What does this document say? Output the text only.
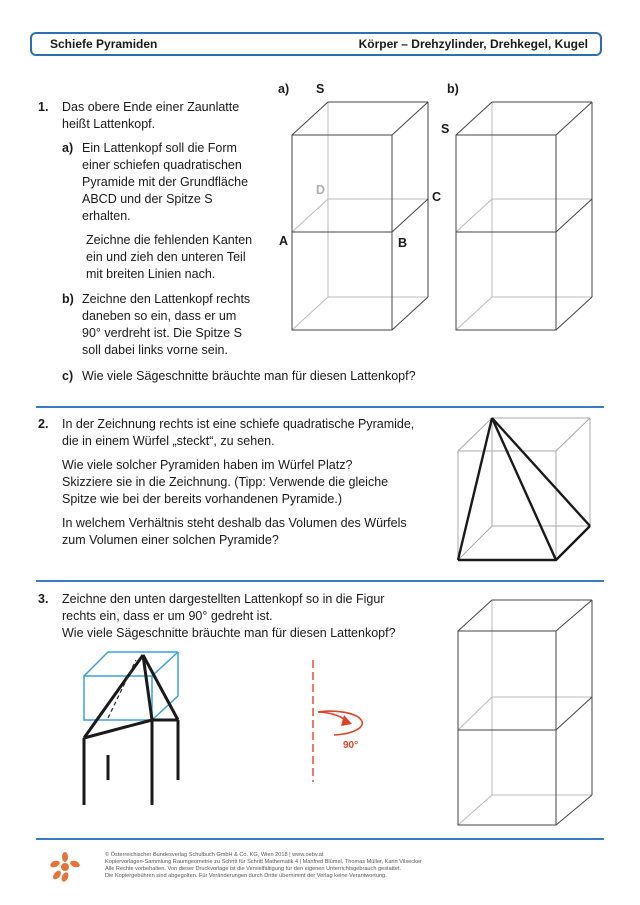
Schiefe Pyramiden	Körper – Drehzylinder, Drehkegel, Kugel
1. Das obere Ende einer Zaunlatte
heißt Lattenkopf.
a) Ein Lattenkopf soll die Form
einer schiefen quadratischen
Pyramide mit der Grundfläche
ABCD und der Spitze S
erhalten.
Zeichne die fehlenden Kanten
ein und zieh den unteren Teil
mit breiten Linien nach.
b) Zeichne den Lattenkopf rechts
daneben so ein, dass er um
90° verdreht ist. Die Spitze S
soll dabei links vorne sein.
c) Wie viele Sägeschnitte bräuchte man für diesen Lattenkopf?
a) S
D	C
A	B
b)
S
2. In der Zeichnung rechts ist eine schiefe quadratische Pyramide,
die in einem Würfel „steckt“, zu sehen.
Wie viele solcher Pyramiden haben im Würfel Platz?
Skizziere sie in die Zeichnung. (Tipp: Verwende die gleiche
Spitze wie bei der bereits vorhandenen Pyramide.)
In welchem Verhältnis steht deshalb das Volumen des Würfels
zum Volumen einer solchen Pyramide?
3. Zeichne den unten dargestellten Lattenkopf so in die Figur
rechts ein, dass er um 90° gedreht ist.
Wie viele Sägeschnitte bräuchte man für diesen Lattenkopf?
90°
© Österreichischer Bundesverlag Schulbuch GmbH & Co. KG, Wien 2018 | www.oebv.at
Kopiervorlagen-Sammlung Raumgeometrie zu Schritt für Schritt Mathematik 4 | Manfred Blümel, Thomas Müller, Karin Vilsecker
Alle Rechte vorbehalten. Von dieser Druckvorlage ist die Vervielfältigung für den eigenen Unterrichtsgebrauch gestattet.
Die Kopiergebühren sind abgegolten. Für Veränderungen durch Dritte übernimmt der Verlag keine Verantwortung.
